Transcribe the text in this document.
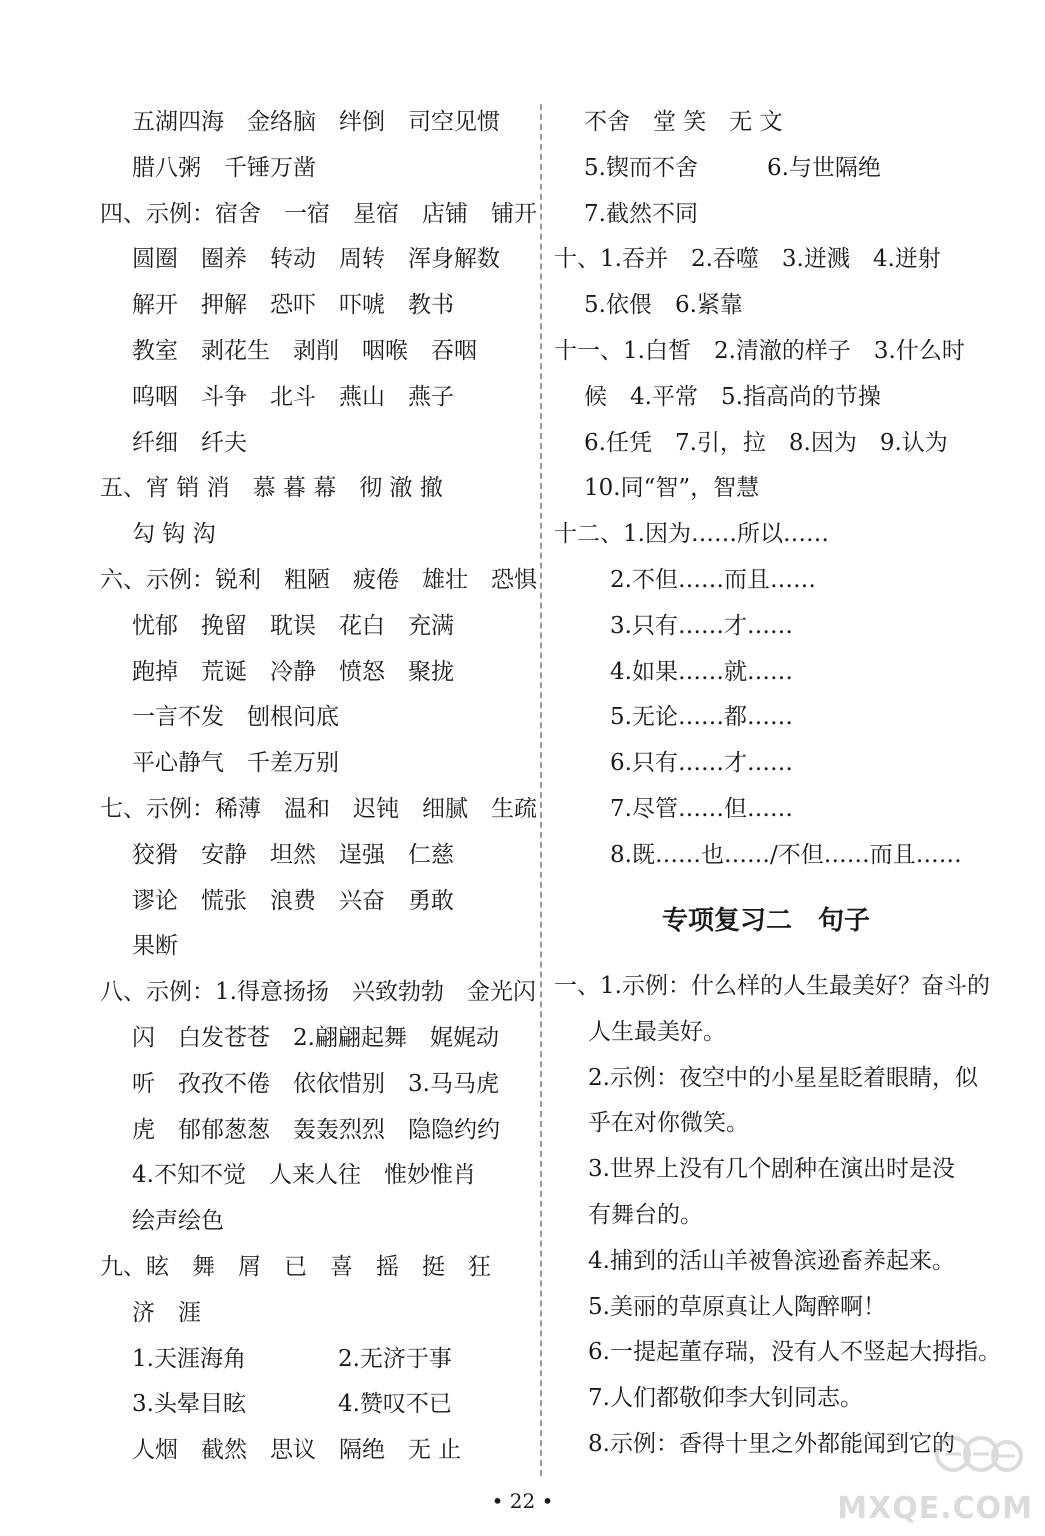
五湖四海　金络脑　绊倒　司空见惯
腊八粥　千锤万凿
四、示例：宿舍　一宿　星宿　店铺　铺开
圆圈　圈养　转动　周转　浑身解数
解开　押解　恐吓　吓唬　教书
教室　剥花生　剥削　咽喉　吞咽
呜咽　斗争　北斗　燕山　燕子
纤细　纤夫
五、宵 销 消　慕 暮 幕　彻 澈 撤
勾 钩 沟
六、示例：锐利　粗陋　疲倦　雄壮　恐惧
忧郁　挽留　耽误　花白　充满
跑掉　荒诞　冷静　愤怒　聚拢
一言不发　刨根问底
平心静气　千差万别
七、示例：稀薄　温和　迟钝　细腻　生疏
狡猾　安静　坦然　逞强　仁慈
谬论　慌张　浪费　兴奋　勇敢
果断
八、示例：1.得意扬扬　兴致勃勃　金光闪
闪　白发苍苍　2.翩翩起舞　娓娓动
听　孜孜不倦　依依惜别　3.马马虎
虎　郁郁葱葱　轰轰烈烈　隐隐约约
4.不知不觉　人来人往　惟妙惟肖
绘声绘色
九、眩　舞　屑　已　喜　摇　挺　狂
济　涯
1.天涯海角　　　　2.无济于事
3.头晕目眩　　　　4.赞叹不已
人烟　截然　思议　隔绝　无 止
不舍　堂 笑　无 文
5.锲而不舍　　　6.与世隔绝
7.截然不同
十、1.吞并　2.吞噬　3.迸溅　4.迸射
5.依偎　6.紧靠
十一、1.白皙　2.清澈的样子　3.什么时
候　4.平常　5.指高尚的节操
6.任凭　7.引，拉　8.因为　9.认为
10.同“智”，智慧
十二、1.因为……所以……
2.不但……而且……
3.只有……才……
4.如果……就……
5.无论……都……
6.只有……才……
7.尽管……但……
8.既……也……/不但……而且……
专项复习二　句子
一、1.示例：什么样的人生最美好？奋斗的
人生最美好。
2.示例：夜空中的小星星眨着眼睛，似
乎在对你微笑。
3.世界上没有几个剧种在演出时是没
有舞台的。
4.捕到的活山羊被鲁滨逊畜养起来。
5.美丽的草原真让人陶醉啊！
6.一提起董存瑞，没有人不竖起大拇指。
7.人们都敬仰李大钊同志。
8.示例：香得十里之外都能闻到它的
• 22 •	MXQE.COM
